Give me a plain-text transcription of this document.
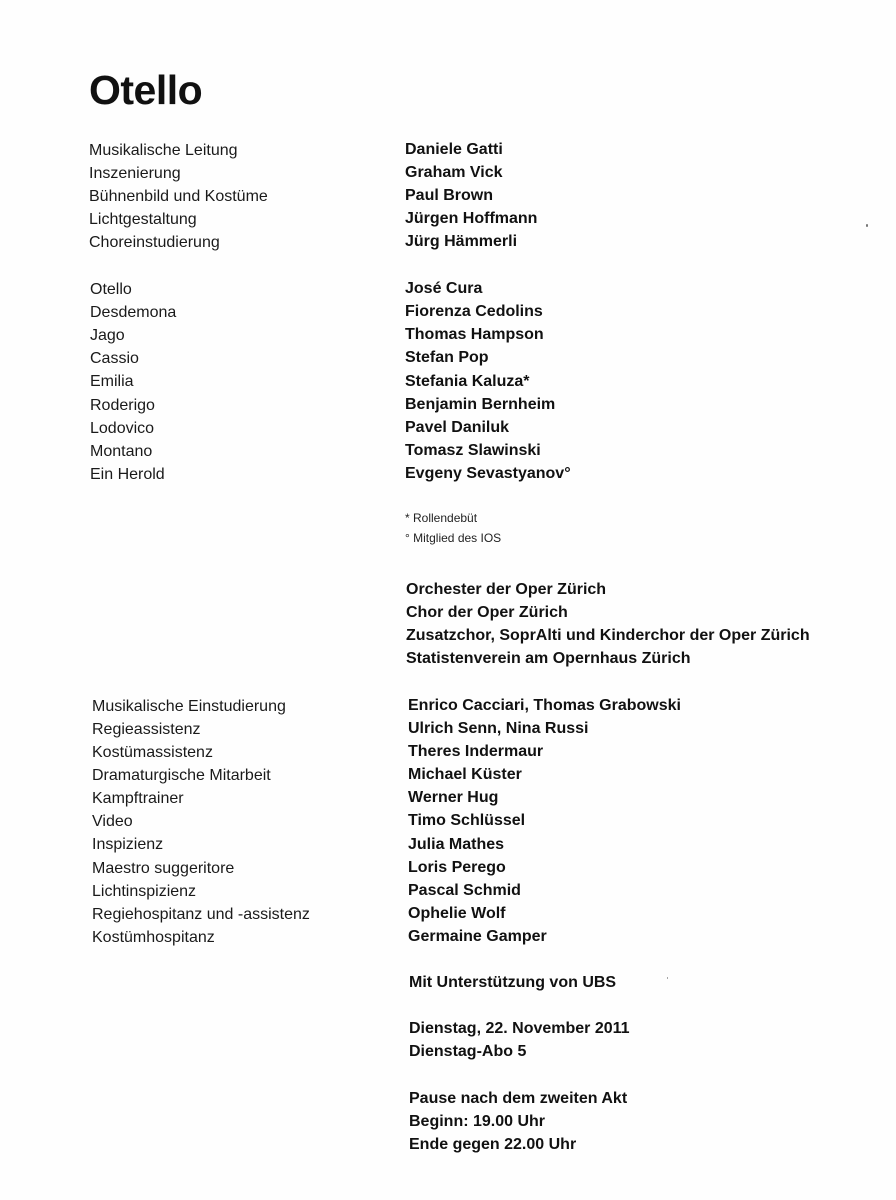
Otello
Musikalische Leitung	Daniele Gatti
Inszenierung	Graham Vick
Bühnenbild und Kostüme	Paul Brown
Lichtgestaltung	Jürgen Hoffmann
Choreinstudierung	Jürg Hämmerli
Otello	José Cura
Desdemona	Fiorenza Cedolins
Jago	Thomas Hampson
Cassio	Stefan Pop
Emilia	Stefania Kaluza*
Roderigo	Benjamin Bernheim
Lodovico	Pavel Daniluk
Montano	Tomasz Slawinski
Ein Herold	Evgeny Sevastyanov°
* Rollendebüt
° Mitglied des IOS
Orchester der Oper Zürich
Chor der Oper Zürich
Zusatzchor, SoprAlti und Kinderchor der Oper Zürich
Statistenverein am Opernhaus Zürich
Musikalische Einstudierung	Enrico Cacciari, Thomas Grabowski
Regieassistenz	Ulrich Senn, Nina Russi
Kostümassistenz	Theres Indermaur
Dramaturgische Mitarbeit	Michael Küster
Kampftrainer	Werner Hug
Video	Timo Schlüssel
Inspizienz	Julia Mathes
Maestro suggeritore	Loris Perego
Lichtinspizienz	Pascal Schmid
Regiehospitanz und -assistenz	Ophelie Wolf
Kostümhospitanz	Germaine Gamper
Mit Unterstützung von UBS
Dienstag, 22. November 2011
Dienstag-Abo 5
Pause nach dem zweiten Akt
Beginn: 19.00 Uhr
Ende gegen 22.00 Uhr
